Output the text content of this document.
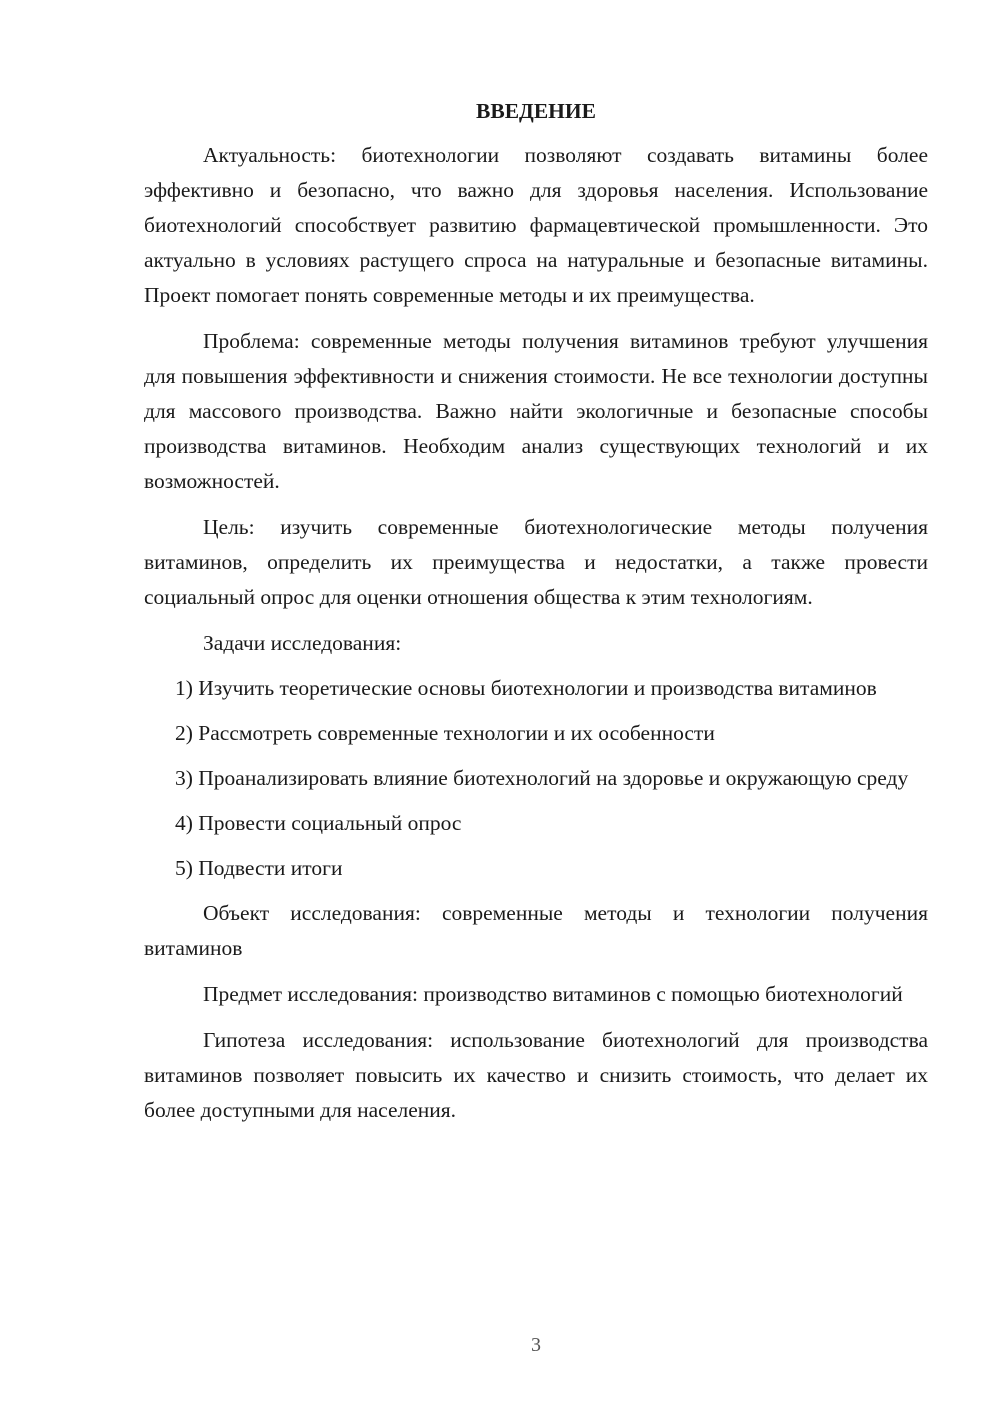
ВВЕДЕНИЕ

Актуальность: биотехнологии позволяют создавать витамины более эффективно и безопасно, что важно для здоровья населения. Использование биотехнологий способствует развитию фармацевтической промышленности. Это актуально в условиях растущего спроса на натуральные и безопасные витамины. Проект помогает понять современные методы и их преимущества.

Проблема: современные методы получения витаминов требуют улучшения для повышения эффективности и снижения стоимости. Не все технологии доступны для массового производства. Важно найти экологичные и безопасные способы производства витаминов. Необходим анализ существующих технологий и их возможностей.

Цель: изучить современные биотехнологические методы получения витаминов, определить их преимущества и недостатки, а также провести социальный опрос для оценки отношения общества к этим технологиям.

Задачи исследования:

1) Изучить теоретические основы биотехнологии и производства витаминов

2) Рассмотреть современные технологии и их особенности

3) Проанализировать влияние биотехнологий на здоровье и окружающую среду

4) Провести социальный опрос

5) Подвести итоги

Объект исследования: современные методы и технологии получения витаминов

Предмет исследования: производство витаминов с помощью биотехнологий

Гипотеза исследования: использование биотехнологий для производства витаминов позволяет повысить их качество и снизить стоимость, что делает их более доступными для населения.

3
